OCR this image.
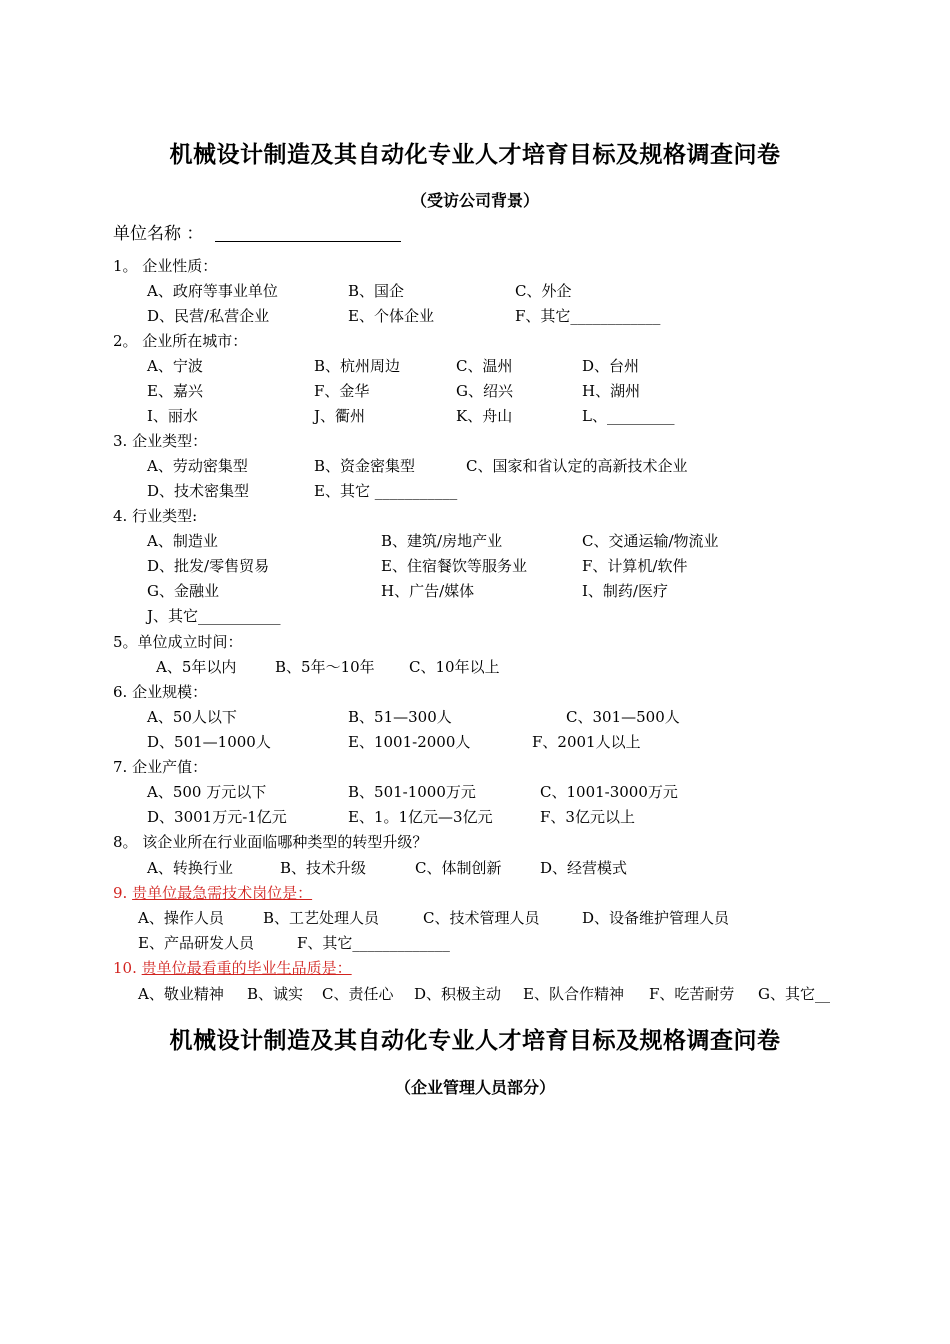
机械设计制造及其自动化专业人才培育目标及规格调查问卷
（受访公司背景）
单位名称 ：
1。 企业性质：
A、政府等事业单位	B、国企	C、外企
D、民营/私营企业	E、个体企业	F、其它____________
2。 企业所在城市：
A、宁波	B、杭州周边	C、温州	D、台州
E、嘉兴	F、金华	G、绍兴	H、湖州
I、丽水	J、衢州	K、舟山	L、_________
3. 企业类型：
A、劳动密集型	B、资金密集型	C、国家和省认定的高新技术企业
D、技术密集型	E、其它 ___________
4. 行业类型:
A、制造业	B、建筑/房地产业	C、交通运输/物流业
D、批发/零售贸易	E、住宿餐饮等服务业	F、计算机/软件
G、金融业	H、广告/媒体	I、制药/医疗
J、其它___________
5。单位成立时间：
A、5年以内	B、5年～10年 C、10年以上
6. 企业规模：
A、50人以下	B、51—300人	C、301—500人
D、501—1000人	E、1001-2000人	F、2001人以上
7. 企业产值：
A、500 万元以下	B、501-1000万元	C、1001-3000万元
D、3001万元-1亿元	E、1。1亿元—3亿元	F、3亿元以上
8。 该企业所在行业面临哪种类型的转型升级？
A、转换行业	B、技术升级	C、体制创新	D、经营模式
9. 贵单位最急需技术岗位是：
A、操作人员	B、工艺处理人员	C、技术管理人员	D、设备维护管理人员
E、产品研发人员	F、其它_____________
10. 贵单位最看重的毕业生品质是：
A、敬业精神 B、诚实 C、责任心 D、积极主动 E、队合作精神 F、吃苦耐劳 G、其它__
机械设计制造及其自动化专业人才培育目标及规格调查问卷
（企业管理人员部分）
